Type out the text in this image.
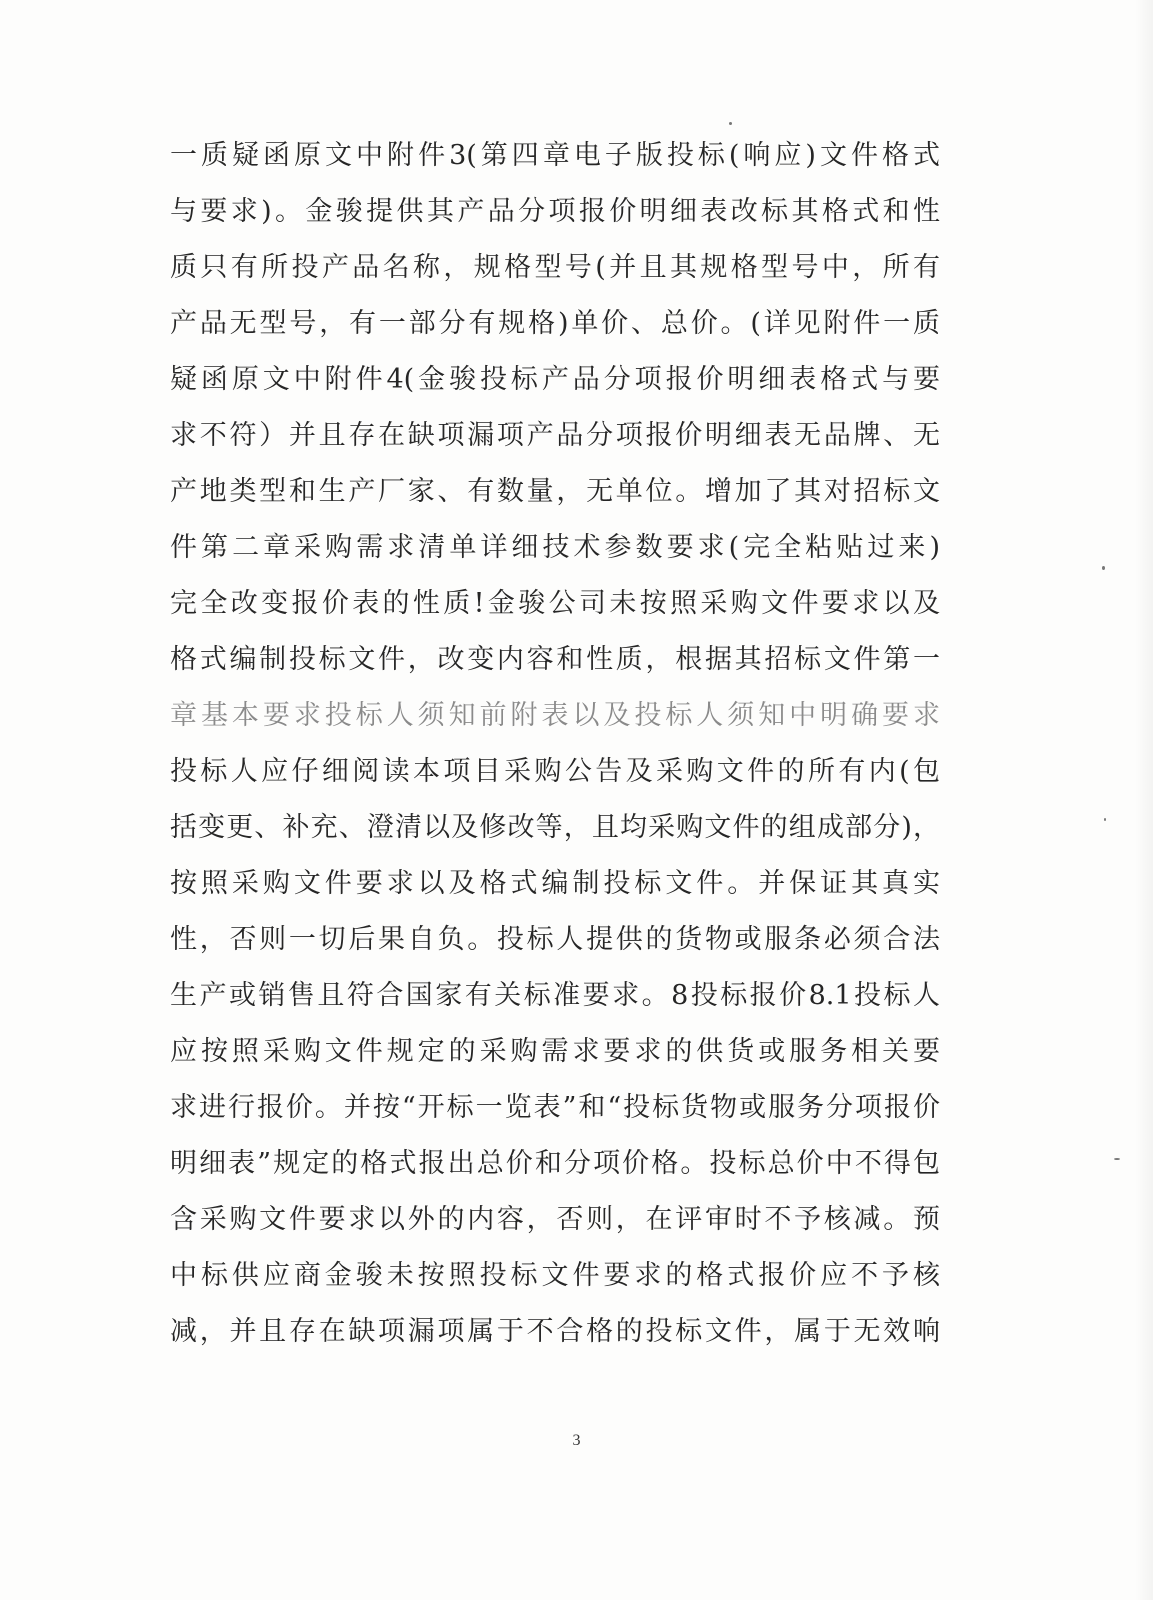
一质疑函原文中附件3(第四章电子版投标(响应)文件格式
与要求)。金骏提供其产品分项报价明细表改标其格式和性
质只有所投产品名称，规格型号(并且其规格型号中，所有
产品无型号，有一部分有规格)单价、总价。(详见附件一质
疑函原文中附件4(金骏投标产品分项报价明细表格式与要
求不符）并且存在缺项漏项产品分项报价明细表无品牌、无
产地类型和生产厂家、有数量，无单位。增加了其对招标文
件第二章采购需求清单详细技术参数要求(完全粘贴过来)
完全改变报价表的性质!金骏公司未按照采购文件要求以及
格式编制投标文件，改变内容和性质，根据其招标文件第一
章基本要求投标人须知前附表以及投标人须知中明确要求
投标人应仔细阅读本项目采购公告及采购文件的所有内(包
括变更、补充、澄清以及修改等，且均采购文件的组成部分)，
按照采购文件要求以及格式编制投标文件。并保证其真实
性，否则一切后果自负。投标人提供的货物或服条必须合法
生产或销售且符合国家有关标准要求。8投标报价8.1投标人
应按照采购文件规定的采购需求要求的供货或服务相关要
求进行报价。并按“开标一览表”和“投标货物或服务分项报价
明细表”规定的格式报出总价和分项价格。投标总价中不得包
含采购文件要求以外的内容，否则，在评审时不予核减。预
中标供应商金骏未按照投标文件要求的格式报价应不予核
减，并且存在缺项漏项属于不合格的投标文件，属于无效响
3
